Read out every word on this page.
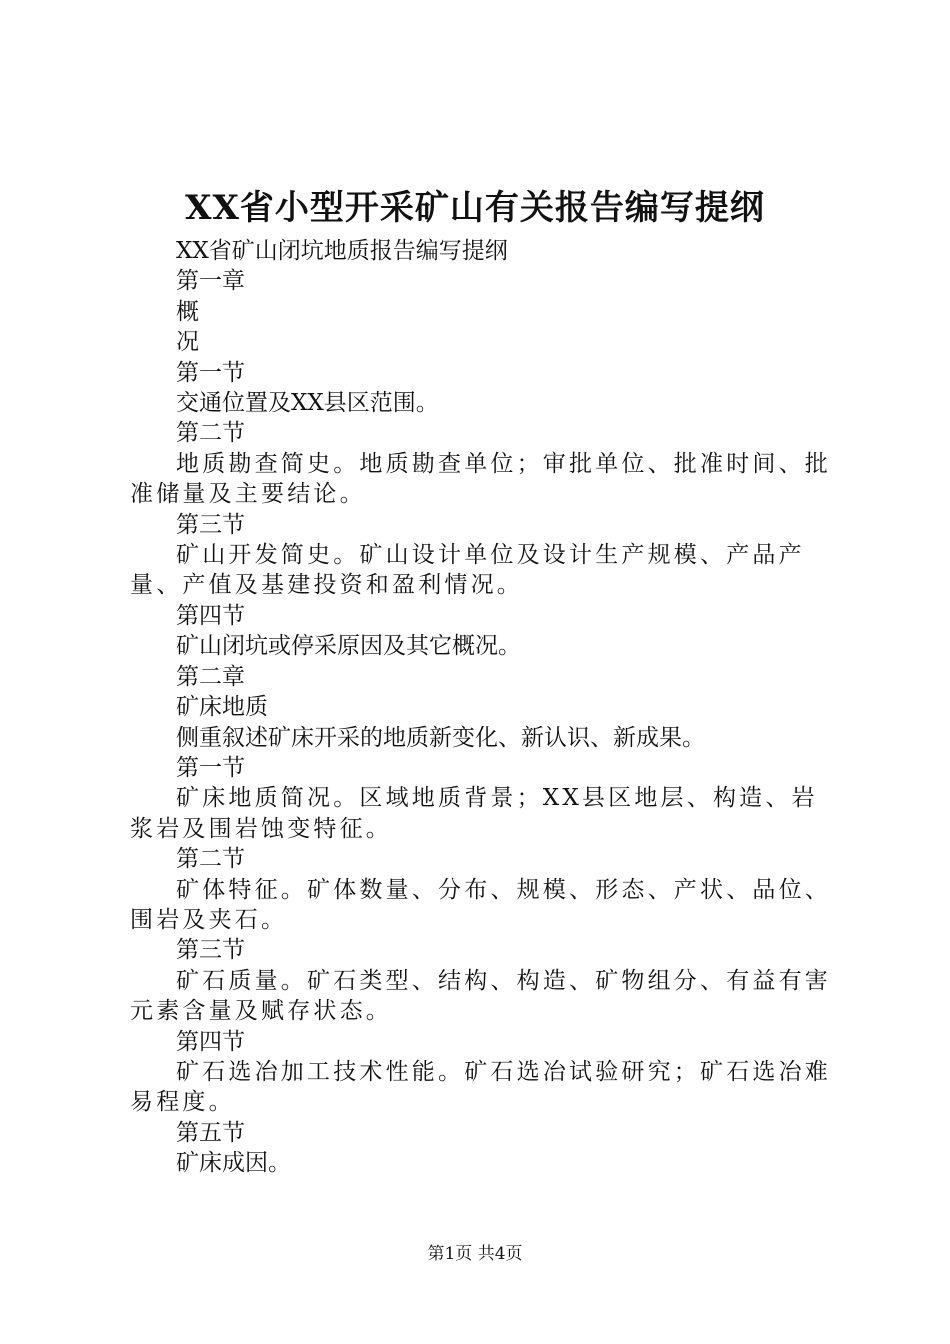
XX省小型开采矿山有关报告编写提纲

XX省矿山闭坑地质报告编写提纲

第一章

概

况

第一节

交通位置及XX县区范围。

第二节

地质勘查简史。地质勘查单位；审批单位、批准时间、批准储量及主要结论。

第三节

矿山开发简史。矿山设计单位及设计生产规模、产品产量、产值及基建投资和盈利情况。

第四节

矿山闭坑或停采原因及其它概况。

第二章

矿床地质

侧重叙述矿床开采的地质新变化、新认识、新成果。

第一节

矿床地质简况。区域地质背景；XX县区地层、构造、岩浆岩及围岩蚀变特征。

第二节

矿体特征。矿体数量、分布、规模、形态、产状、品位、围岩及夹石。

第三节

矿石质量。矿石类型、结构、构造、矿物组分、有益有害元素含量及赋存状态。

第四节

矿石选冶加工技术性能。矿石选冶试验研究；矿石选冶难易程度。

第五节

矿床成因。

第1页 共4页
